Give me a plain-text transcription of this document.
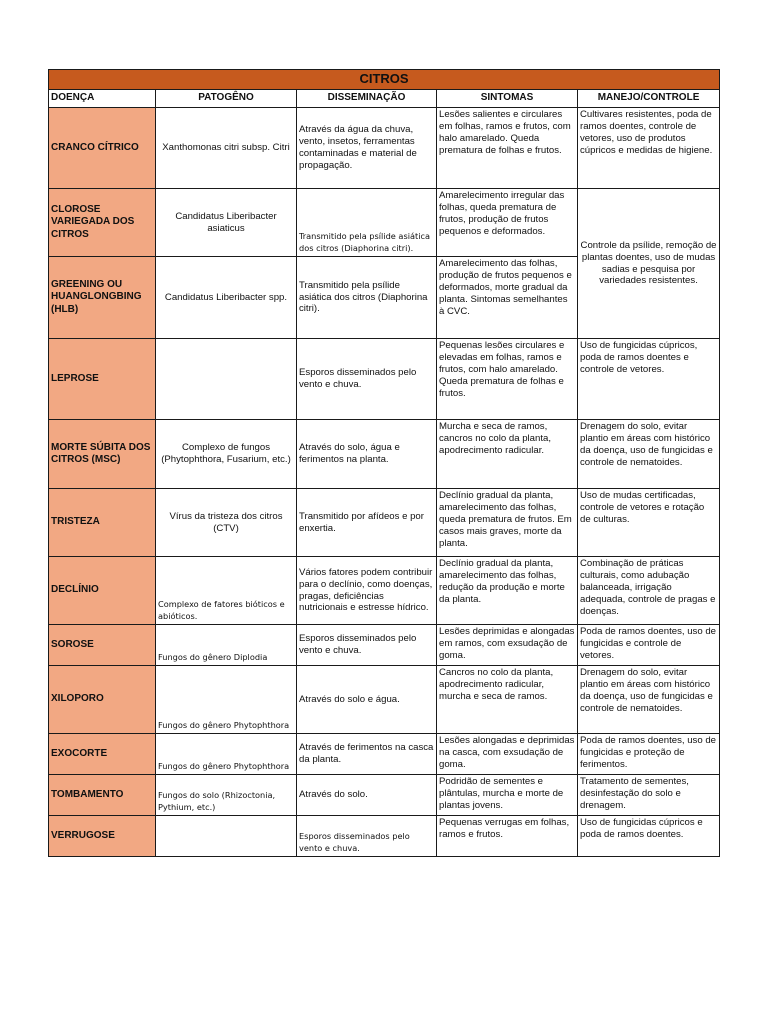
CITROS				
DOENÇA	PATOGÊNO	DISSEMINAÇÃO	SINTOMAS	MANEJO/CONTROLE
CRANCO CÍTRICO	Xanthomonas citri subsp. Citri	Através da água da chuva, vento, insetos, ferramentas contaminadas e material de propagação.	Lesões salientes e circulares em folhas, ramos e frutos, com halo amarelado. Queda prematura de folhas e frutos.	Cultivares resistentes, poda de ramos doentes, controle de vetores, uso de produtos cúpricos e medidas de higiene.
CLOROSE VARIEGADA DOS CITROS	Candidatus Liberibacter asiaticus	Transmitido pela psílide asiática dos citros (Diaphorina citri).	Amarelecimento irregular das folhas, queda prematura de frutos, produção de frutos pequenos e deformados.	Controle da psílide, remoção de plantas doentes, uso de mudas sadias e pesquisa por variedades resistentes.
GREENING OU HUANGLONGBING (HLB)	Candidatus Liberibacter spp.	Transmitido pela psílide asiática dos citros (Diaphorina citri).	Amarelecimento das folhas, produção de frutos pequenos e deformados, morte gradual da planta. Sintomas semelhantes à CVC.	
LEPROSE		Esporos disseminados pelo vento e chuva.	Pequenas lesões circulares e elevadas em folhas, ramos e frutos, com halo amarelado. Queda prematura de folhas e frutos.	Uso de fungicidas cúpricos, poda de ramos doentes e controle de vetores.
MORTE SÚBITA DOS CITROS (MSC)	Complexo de fungos (Phytophthora, Fusarium, etc.)	Através do solo, água e ferimentos na planta.	Murcha e seca de ramos, cancros no colo da planta, apodrecimento radicular.	Drenagem do solo, evitar plantio em áreas com histórico da doença, uso de fungicidas e controle de nematoides.
TRISTEZA	Vírus da tristeza dos citros (CTV)	Transmitido por afídeos e por enxertia.	Declínio gradual da planta, amarelecimento das folhas, queda prematura de frutos. Em casos mais graves, morte da planta.	Uso de mudas certificadas, controle de vetores e rotação de culturas.
DECLÍNIO	Complexo de fatores bióticos e abióticos.	Vários fatores podem contribuir para o declínio, como doenças, pragas, deficiências nutricionais e estresse hídrico.	Declínio gradual da planta, amarelecimento das folhas, redução da produção e morte da planta.	Combinação de práticas culturais, como adubação balanceada, irrigação adequada, controle de pragas e doenças.
SOROSE	Fungos do gênero Diplodia	Esporos disseminados pelo vento e chuva.	Lesões deprimidas e alongadas em ramos, com exsudação de goma.	Poda de ramos doentes, uso de fungicidas e controle de vetores.
XILOPORO	Fungos do gênero Phytophthora	Através do solo e água.	Cancros no colo da planta, apodrecimento radicular, murcha e seca de ramos.	Drenagem do solo, evitar plantio em áreas com histórico da doença, uso de fungicidas e controle de nematoides.
EXOCORTE	Fungos do gênero Phytophthora	Através de ferimentos na casca da planta.	Lesões alongadas e deprimidas na casca, com exsudação de goma.	Poda de ramos doentes, uso de fungicidas e proteção de ferimentos.
TOMBAMENTO	Fungos do solo (Rhizoctonia, Pythium, etc.)	Através do solo.	Podridão de sementes e plântulas, murcha e morte de plantas jovens.	Tratamento de sementes, desinfestação do solo e drenagem.
VERRUGOSE		Esporos disseminados pelo vento e chuva.	Pequenas verrugas em folhas, ramos e frutos.	Uso de fungicidas cúpricos e poda de ramos doentes.
